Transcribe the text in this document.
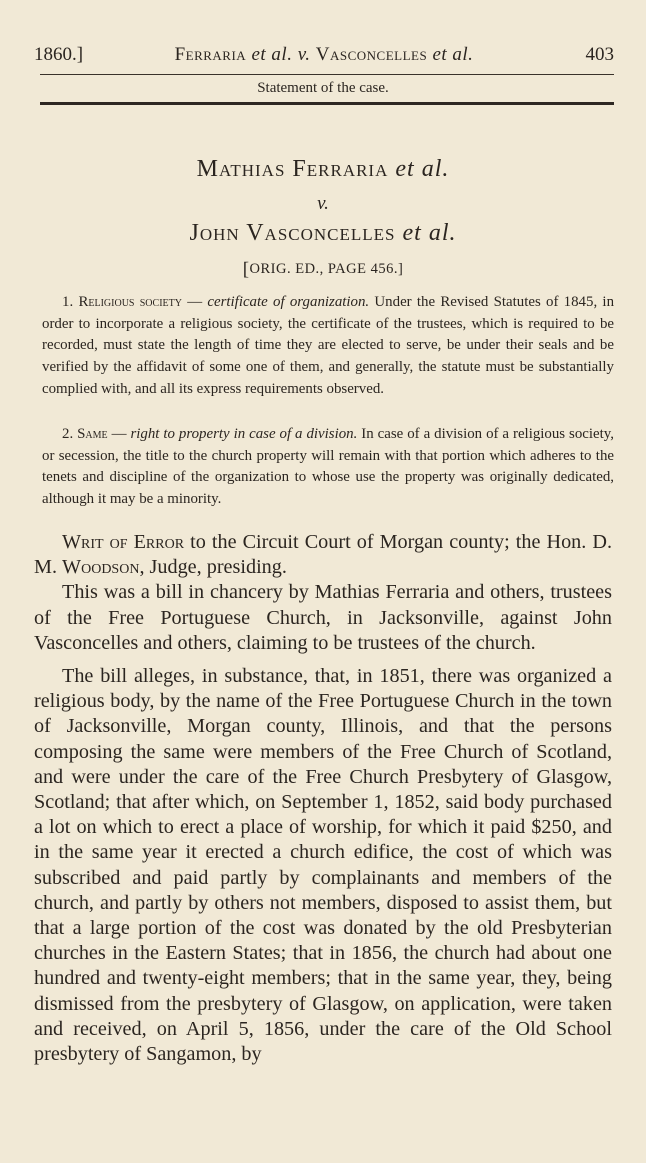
1860.]	Ferraria et al. v. Vasconcelles et al.	403
Statement of the case.
Mathias Ferraria et al.
v.
John Vasconcelles et al.
[ORIG. ED., PAGE 456.]

1. Religious society — certificate of organization. Under the Revised Statutes of 1845, in order to incorporate a religious society, the certificate of the trustees, which is required to be recorded, must state the length of time they are elected to serve, be under their seals and be verified by the affidavit of some one of them, and generally, the statute must be substantially complied with, and all its express requirements observed.

2. Same — right to property in case of a division. In case of a division of a religious society, or secession, the title to the church property will remain with that portion which adheres to the tenets and discipline of the organization to whose use the property was originally dedicated, although it may be a minority.

Writ of Error to the Circuit Court of Morgan county; the Hon. D. M. Woodson, Judge, presiding.

This was a bill in chancery by Mathias Ferraria and others, trustees of the Free Portuguese Church, in Jacksonville, against John Vasconcelles and others, claiming to be trustees of the church.

The bill alleges, in substance, that, in 1851, there was organized a religious body, by the name of the Free Portuguese Church in the town of Jacksonville, Morgan county, Illinois, and that the persons composing the same were members of the Free Church of Scotland, and were under the care of the Free Church Presbytery of Glasgow, Scotland; that after which, on September 1, 1852, said body purchased a lot on which to erect a place of worship, for which it paid $250, and in the same year it erected a church edifice, the cost of which was subscribed and paid partly by complainants and members of the church, and partly by others not members, disposed to assist them, but that a large portion of the cost was donated by the old Presbyterian churches in the Eastern States; that in 1856, the church had about one hundred and twenty-eight members; that in the same year, they, being dismissed from the presbytery of Glasgow, on application, were taken and received, on April 5, 1856, under the care of the Old School presbytery of Sangamon, by
